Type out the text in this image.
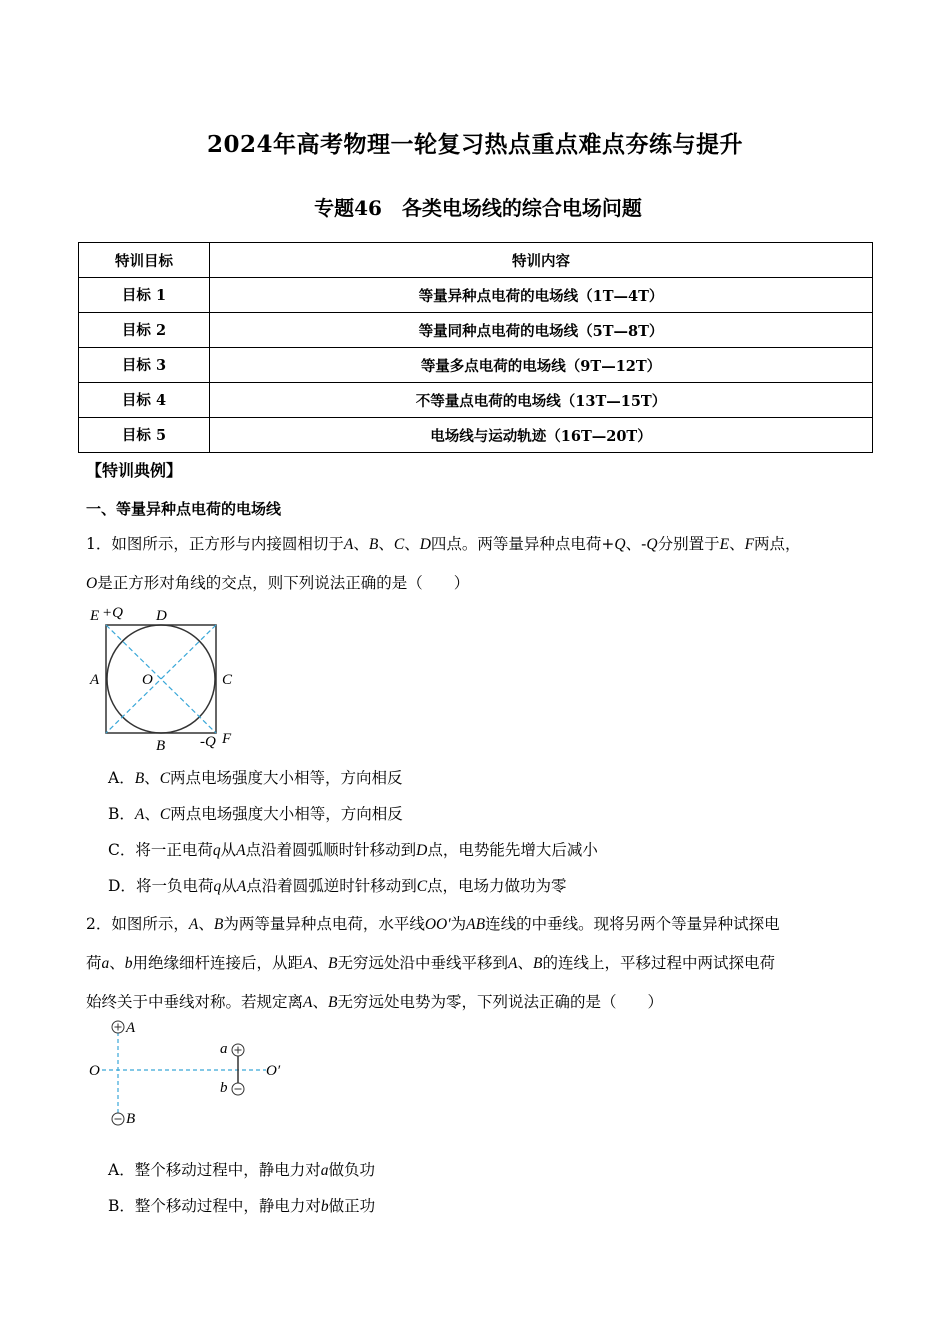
2024年高考物理一轮复习热点重点难点夯练与提升
专题46　各类电场线的综合电场问题
特训目标	特训内容
目标 1	等量异种点电荷的电场线（1T—4T）
目标 2	等量同种点电荷的电场线（5T—8T）
目标 3	等量多点电荷的电场线（9T—12T）
目标 4	不等量点电荷的电场线（13T—15T）
目标 5	电场线与运动轨迹（16T—20T）
【特训典例】
一、等量异种点电荷的电场线
1．如图所示，正方形与内接圆相切于A、B、C、D四点。两等量异种点电荷+Q、-Q分别置于E、F两点，
O是正方形对角线的交点，则下列说法正确的是（　　）
E +Q D
A	O	C
B -Q F
A．B、C两点电场强度大小相等，方向相反
B．A、C两点电场强度大小相等，方向相反
C．将一正电荷q从A点沿着圆弧顺时针移动到D点，电势能先增大后减小
D．将一负电荷q从A点沿着圆弧逆时针移动到C点，电场力做功为零
2．如图所示，A、B为两等量异种点电荷，水平线OO′为AB连线的中垂线。现将另两个等量异种试探电
荷a、b用绝缘细杆连接后，从距A、B无穷远处沿中垂线平移到A、B的连线上，平移过程中两试探电荷
始终关于中垂线对称。若规定离A、B无穷远处电势为零，下列说法正确的是（　　）
A
O
B
a
b
O′
A．整个移动过程中，静电力对a做负功
B．整个移动过程中，静电力对b做正功
